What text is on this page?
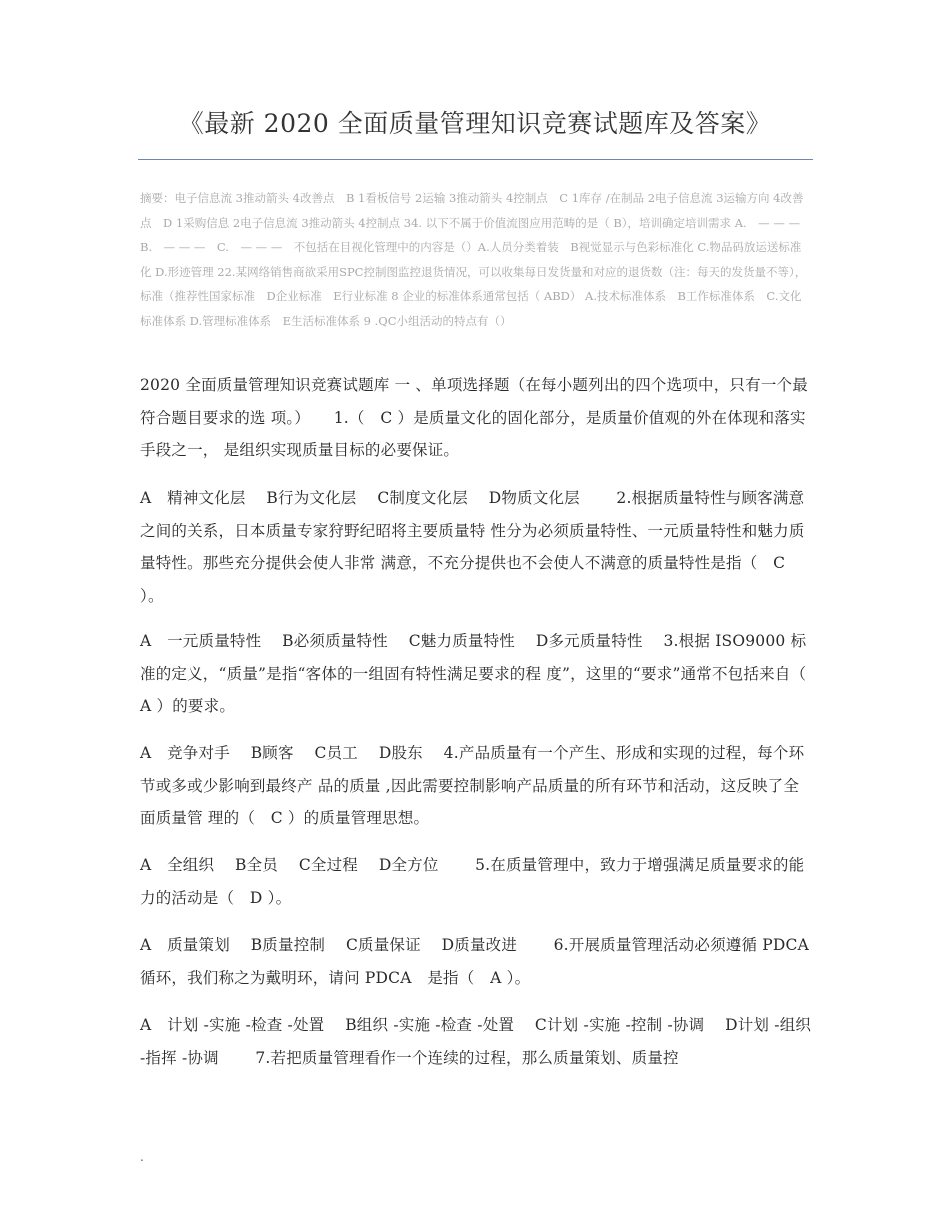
《最新 2020 全面质量管理知识竞赛试题库及答案》

摘要：电子信息流 3推动箭头 4改善点　B 1看板信号 2运输 3推动箭头 4控制点　C 1库存 /在制品 2电子信息流 3运输方向 4改善点　D 1采购信息 2电子信息流 3推动箭头 4控制点 34. 以下不属于价值流图应用范畴的是（ B），培训确定培训需求 A.　— — —　　B.　— — —　C.　— — —　不包括在目视化管理中的内容是（）A.人员分类着装　B视觉显示与色彩标准化 C.物品码放运送标准化 D.形迹管理 22.某网络销售商欲采用SPC控制图监控退货情况，可以收集每日发货量和对应的退货数（注：每天的发货量不等），标准（推荐性国家标准　D企业标准　E行业标准 8 企业的标准体系通常包括（ ABD） A.技术标准体系　B工作标准体系　C.文化标准体系 D.管理标准体系　E生活标准体系 9 .QC小组活动的特点有（）

2020 全面质量管理知识竞赛试题库 一 、单项选择题（在每小题列出的四个选项中，只有一个最符合题目要求的选 项。）　　1.（　C ）是质量文化的固化部分，是质量价值观的外在体现和落实手段之一， 是组织实现质量目标的必要保证。

A　精神文化层　 B行为文化层　 C制度文化层　 D物质文化层　　 2.根据质量特性与顾客满意之间的关系，日本质量专家狩野纪昭将主要质量特 性分为必须质量特性、一元质量特性和魅力质量特性。那些充分提供会使人非常 满意，不充分提供也不会使人不满意的质量特性是指（　C ）。

A　一元质量特性　 B必须质量特性　 C魅力质量特性　 D多元质量特性　 3.根据 ISO9000 标准的定义，“质量”是指“客体的一组固有特性满足要求的程 度”，这里的“要求”通常不包括来自（　A ）的要求。

A　竞争对手　 B顾客　 C员工　 D股东　 4.产品质量有一个产生、形成和实现的过程，每个环节或多或少影响到最终产 品的质量 ,因此需要控制影响产品质量的所有环节和活动，这反映了全面质量管 理的（　C ）的质量管理思想。

A　全组织　 B全员　 C全过程　 D全方位　　 5.在质量管理中，致力于增强满足质量要求的能力的活动是（　D ）。

A　质量策划　 B质量控制　 C质量保证　 D质量改进　　 6.开展质量管理活动必须遵循 PDCA　循环，我们称之为戴明环，请问 PDCA　是指（　A ）。

A　计划 -实施 -检查 -处置　 B组织 -实施 -检查 -处置　 C计划 -实施 -控制 -协调　 D计划 -组织 -指挥 -协调　　 7.若把质量管理看作一个连续的过程，那么质量策划、质量控

.
